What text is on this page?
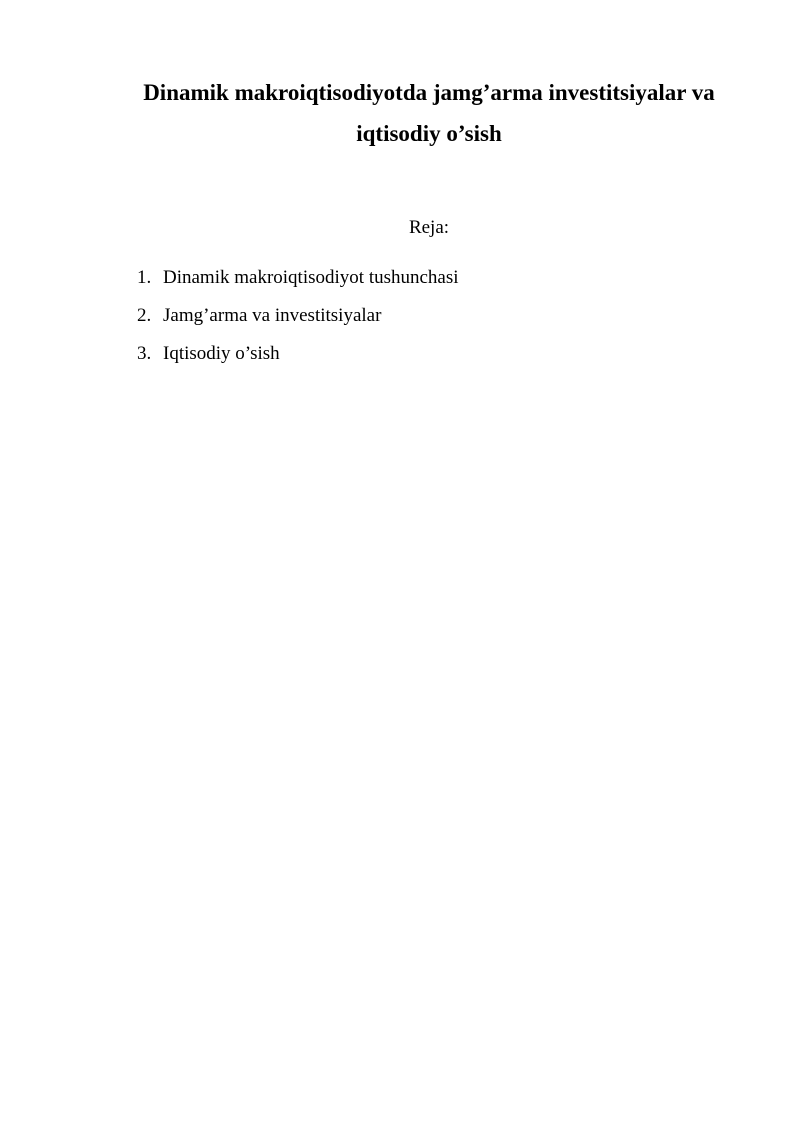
Dinamik makroiqtisodiyotda jamg’arma investitsiyalar va
iqtisodiy o’sish

Reja:

1. Dinamik makroiqtisodiyot tushunchasi
2. Jamg’arma va investitsiyalar
3. Iqtisodiy o’sish
